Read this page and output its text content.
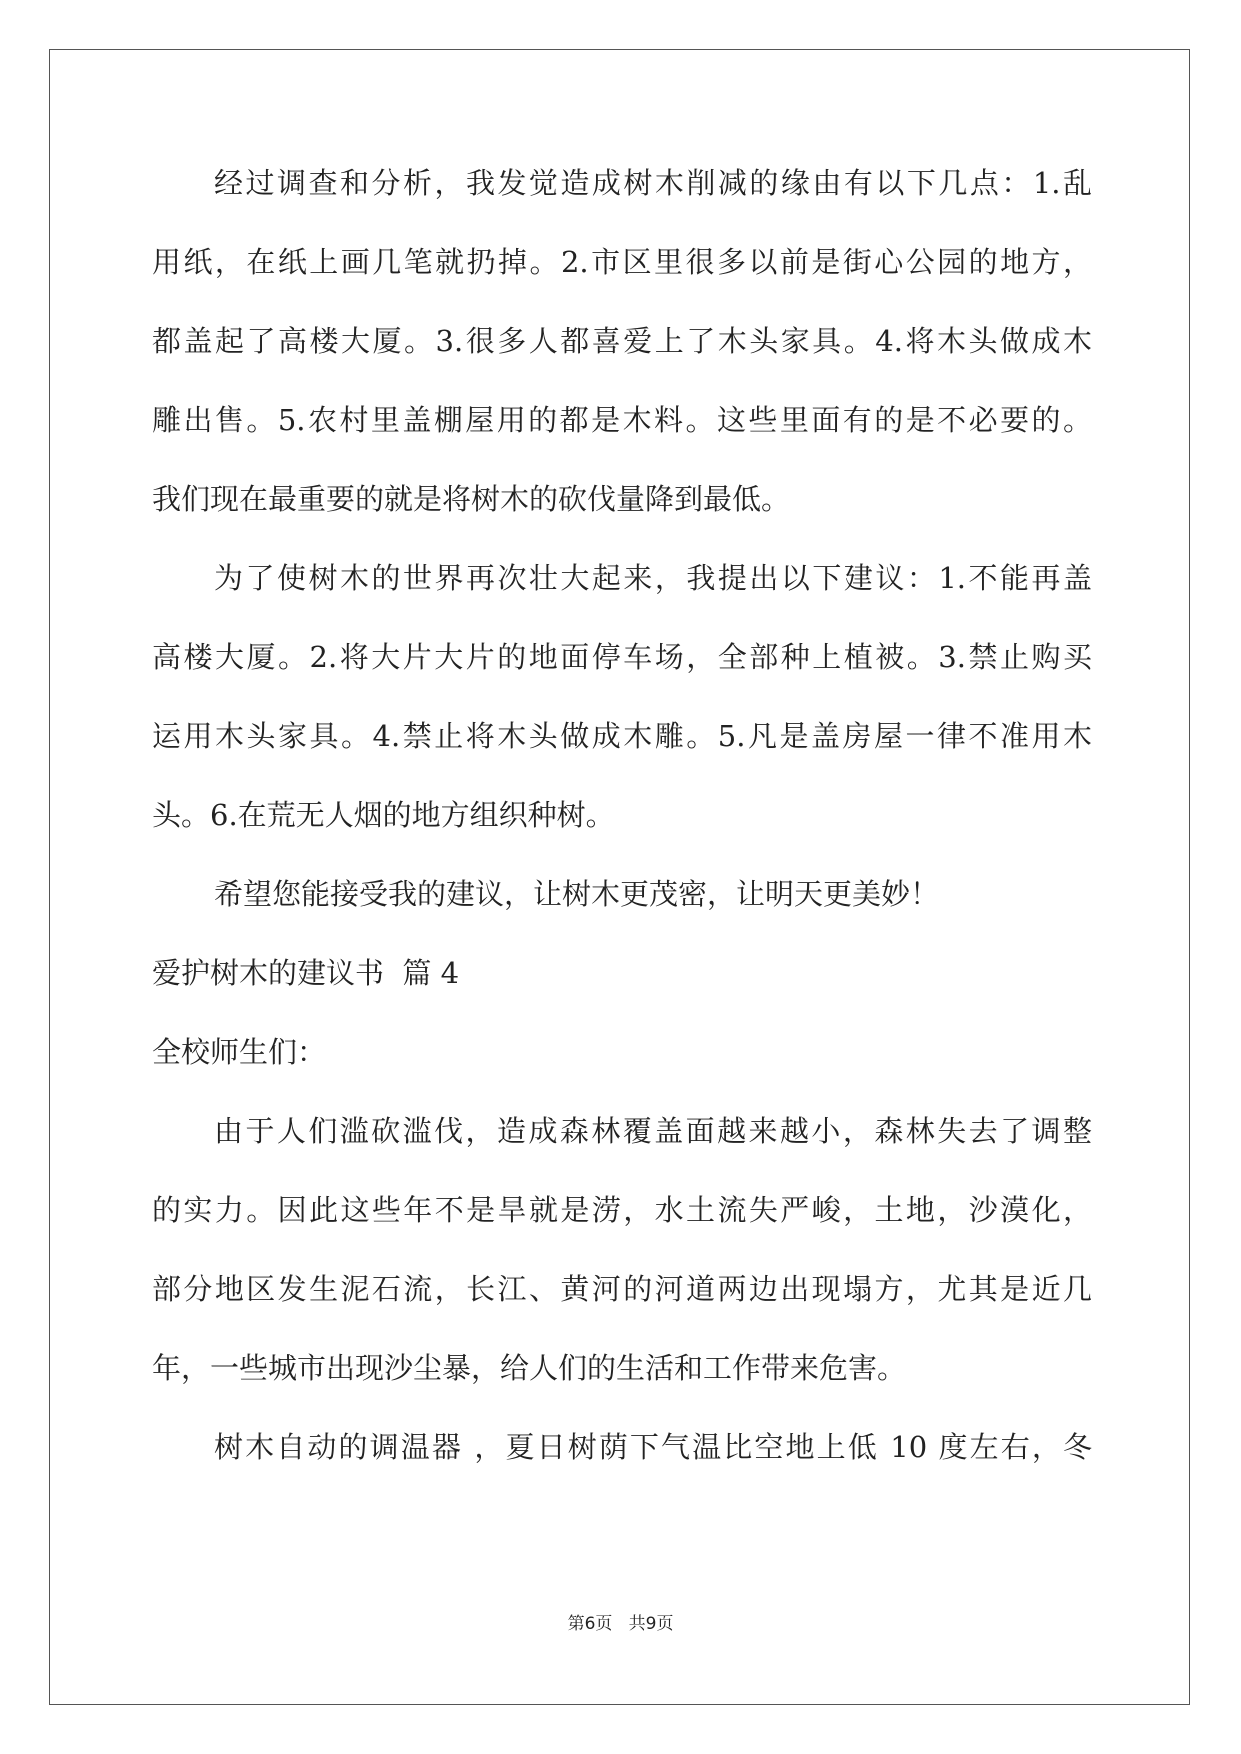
经过调查和分析，我发觉造成树木削减的缘由有以下几点：1.乱
用纸，在纸上画几笔就扔掉。2.市区里很多以前是街心公园的地方，
都盖起了高楼大厦。3.很多人都喜爱上了木头家具。4.将木头做成木
雕出售。5.农村里盖棚屋用的都是木料。这些里面有的是不必要的。
我们现在最重要的就是将树木的砍伐量降到最低。
为了使树木的世界再次壮大起来，我提出以下建议：1.不能再盖
高楼大厦。2.将大片大片的地面停车场，全部种上植被。3.禁止购买
运用木头家具。4.禁止将木头做成木雕。5.凡是盖房屋一律不准用木
头。6.在荒无人烟的地方组织种树。
希望您能接受我的建议，让树木更茂密，让明天更美妙！
爱护树木的建议书  篇 4
全校师生们：
由于人们滥砍滥伐，造成森林覆盖面越来越小，森林失去了调整
的实力。因此这些年不是旱就是涝，水土流失严峻，土地，沙漠化，
部分地区发生泥石流，长江、黄河的河道两边出现塌方，尤其是近几
年，一些城市出现沙尘暴，给人们的生活和工作带来危害。
树木自动的调温器 ，夏日树荫下气温比空地上低 10 度左右，冬
第6页   共9页
